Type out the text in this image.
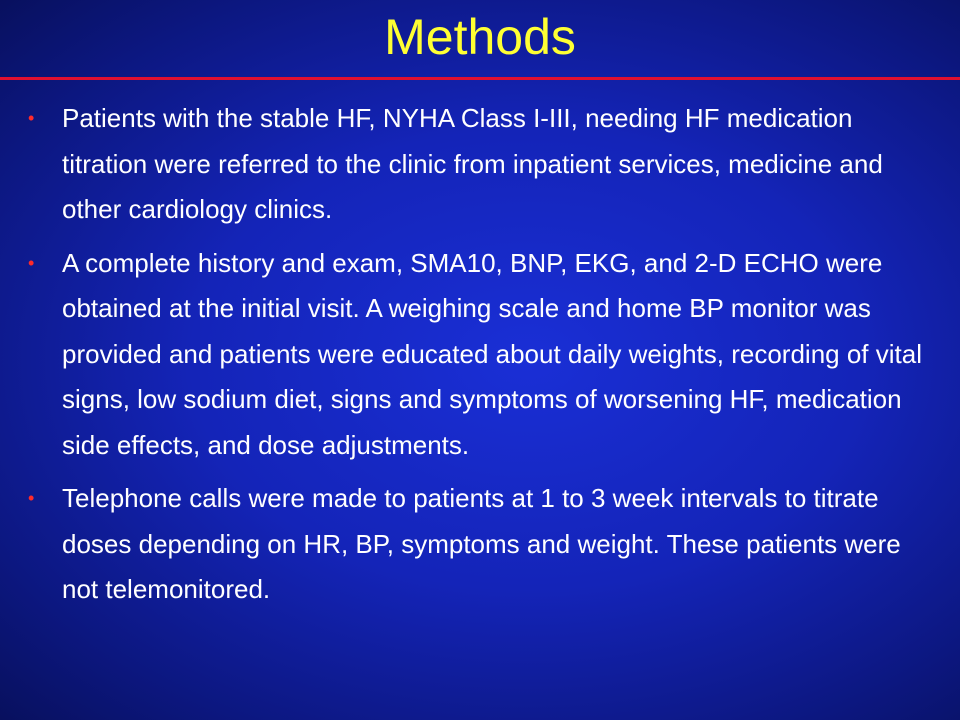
Methods
• Patients with the stable HF, NYHA Class I-III, needing HF medication titration were referred to the clinic from inpatient services, medicine and other cardiology clinics.
• A complete history and exam, SMA10, BNP, EKG, and 2-D ECHO were obtained at the initial visit. A weighing scale and home BP monitor was provided and patients were educated about daily weights, recording of vital signs, low sodium diet, signs and symptoms of worsening HF, medication side effects, and dose adjustments.
• Telephone calls were made to patients at 1 to 3 week intervals to titrate doses depending on HR, BP, symptoms and weight. These patients were not telemonitored.
